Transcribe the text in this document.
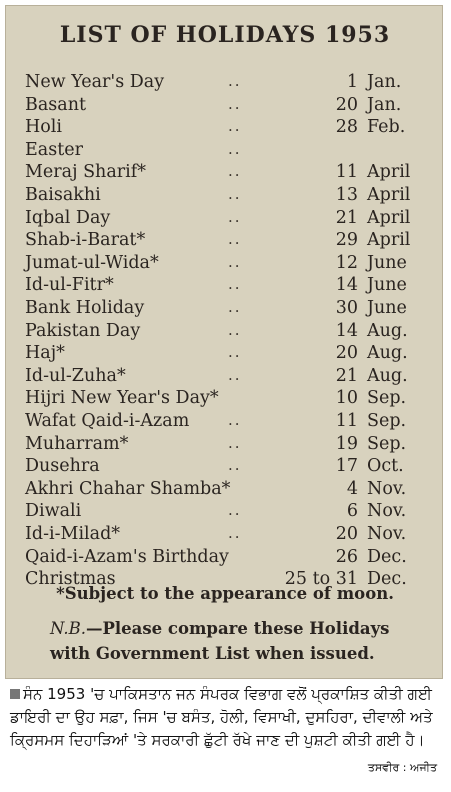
LIST OF HOLIDAYS 1953
New Year's Day	..	1 Jan.
Basant	..	20 Jan.
Holi	..	28 Feb.
Easter	..
Meraj Sharif*	..	11 April
Baisakhi	..	13 April
Iqbal Day	..	21 April
Shab-i-Barat*	..	29 April
Jumat-ul-Wida*	..	12 June
Id-ul-Fitr*	..	14 June
Bank Holiday	..	30 June
Pakistan Day	..	14 Aug.
Haj*	..	20 Aug.
Id-ul-Zuha*	..	21 Aug.
Hijri New Year's Day*	10 Sep.
Wafat Qaid-i-Azam	..	11 Sep.
Muharram*	..	19 Sep.
Dusehra	..	17 Oct.
Akhri Chahar Shamba*	4 Nov.
Diwali	..	6 Nov.
Id-i-Milad*	..	20 Nov.
Qaid-i-Azam's Birthday	26 Dec.
Christmas	25 to 31 Dec.
*Subject to the appearance of moon.
N.B.—Please compare these Holidays with Government List when issued.
ਸੰਨ 1953 'ਚ ਪਾਕਿਸਤਾਨ ਜਨ ਸੰਪਰਕ ਵਿਭਾਗ ਵਲੋਂ ਪ੍ਰਕਾਸ਼ਿਤ ਕੀਤੀ ਗਈ ਡਾਇਰੀ ਦਾ ਉਹ ਸਫ਼ਾ, ਜਿਸ 'ਚ ਬਸੰਤ, ਹੋਲੀ, ਵਿਸਾਖੀ, ਦੁਸਹਿਰਾ, ਦੀਵਾਲੀ ਅਤੇ ਕ੍ਰਿਸਮਸ ਦਿਹਾੜਿਆਂ 'ਤੇ ਸਰਕਾਰੀ ਛੁੱਟੀ ਰੱਖੇ ਜਾਣ ਦੀ ਪੁਸ਼ਟੀ ਕੀਤੀ ਗਈ ਹੈ।
ਤਸਵੀਰ : ਅਜੀਤ
